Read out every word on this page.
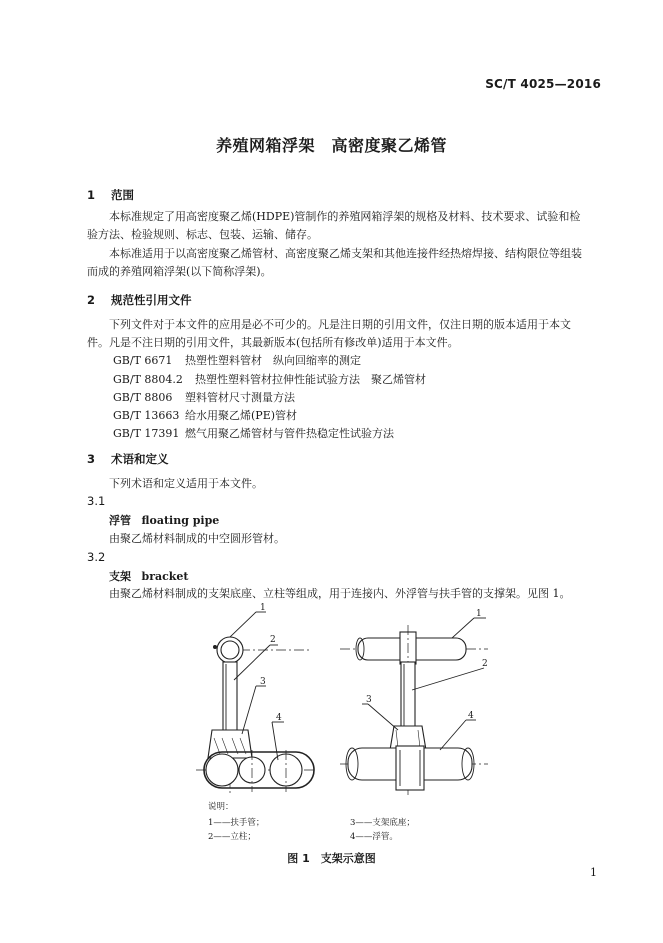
SC/T 4025—2016
养殖网箱浮架　高密度聚乙烯管
1 范围
本标准规定了用高密度聚乙烯(HDPE)管制作的养殖网箱浮架的规格及材料、技术要求、试验和检
验方法、检验规则、标志、包装、运输、储存。
本标准适用于以高密度聚乙烯管材、高密度聚乙烯支架和其他连接件经热熔焊接、结构限位等组装
而成的养殖网箱浮架(以下简称浮架)。
2 规范性引用文件
下列文件对于本文件的应用是必不可少的。凡是注日期的引用文件，仅注日期的版本适用于本文
件。凡是不注日期的引用文件，其最新版本(包括所有修改单)适用于本文件。
GB/T 6671 热塑性塑料管材　纵向回缩率的测定
GB/T 8804.2 热塑性塑料管材拉伸性能试验方法　聚乙烯管材
GB/T 8806 塑料管材尺寸测量方法
GB/T 13663 给水用聚乙烯(PE)管材
GB/T 17391 燃气用聚乙烯管材与管件热稳定性试验方法
3 术语和定义
下列术语和定义适用于本文件。
3.1
浮管 floating pipe
由聚乙烯材料制成的中空圆形管材。
3.2
支架 bracket
由聚乙烯材料制成的支架底座、立柱等组成，用于连接内、外浮管与扶手管的支撑架。见图 1。
1
2
3
4
1
2
3
4
说明：
1——扶手管；
2——立柱；
3——支架底座；
4——浮管。
图 1　支架示意图
1
